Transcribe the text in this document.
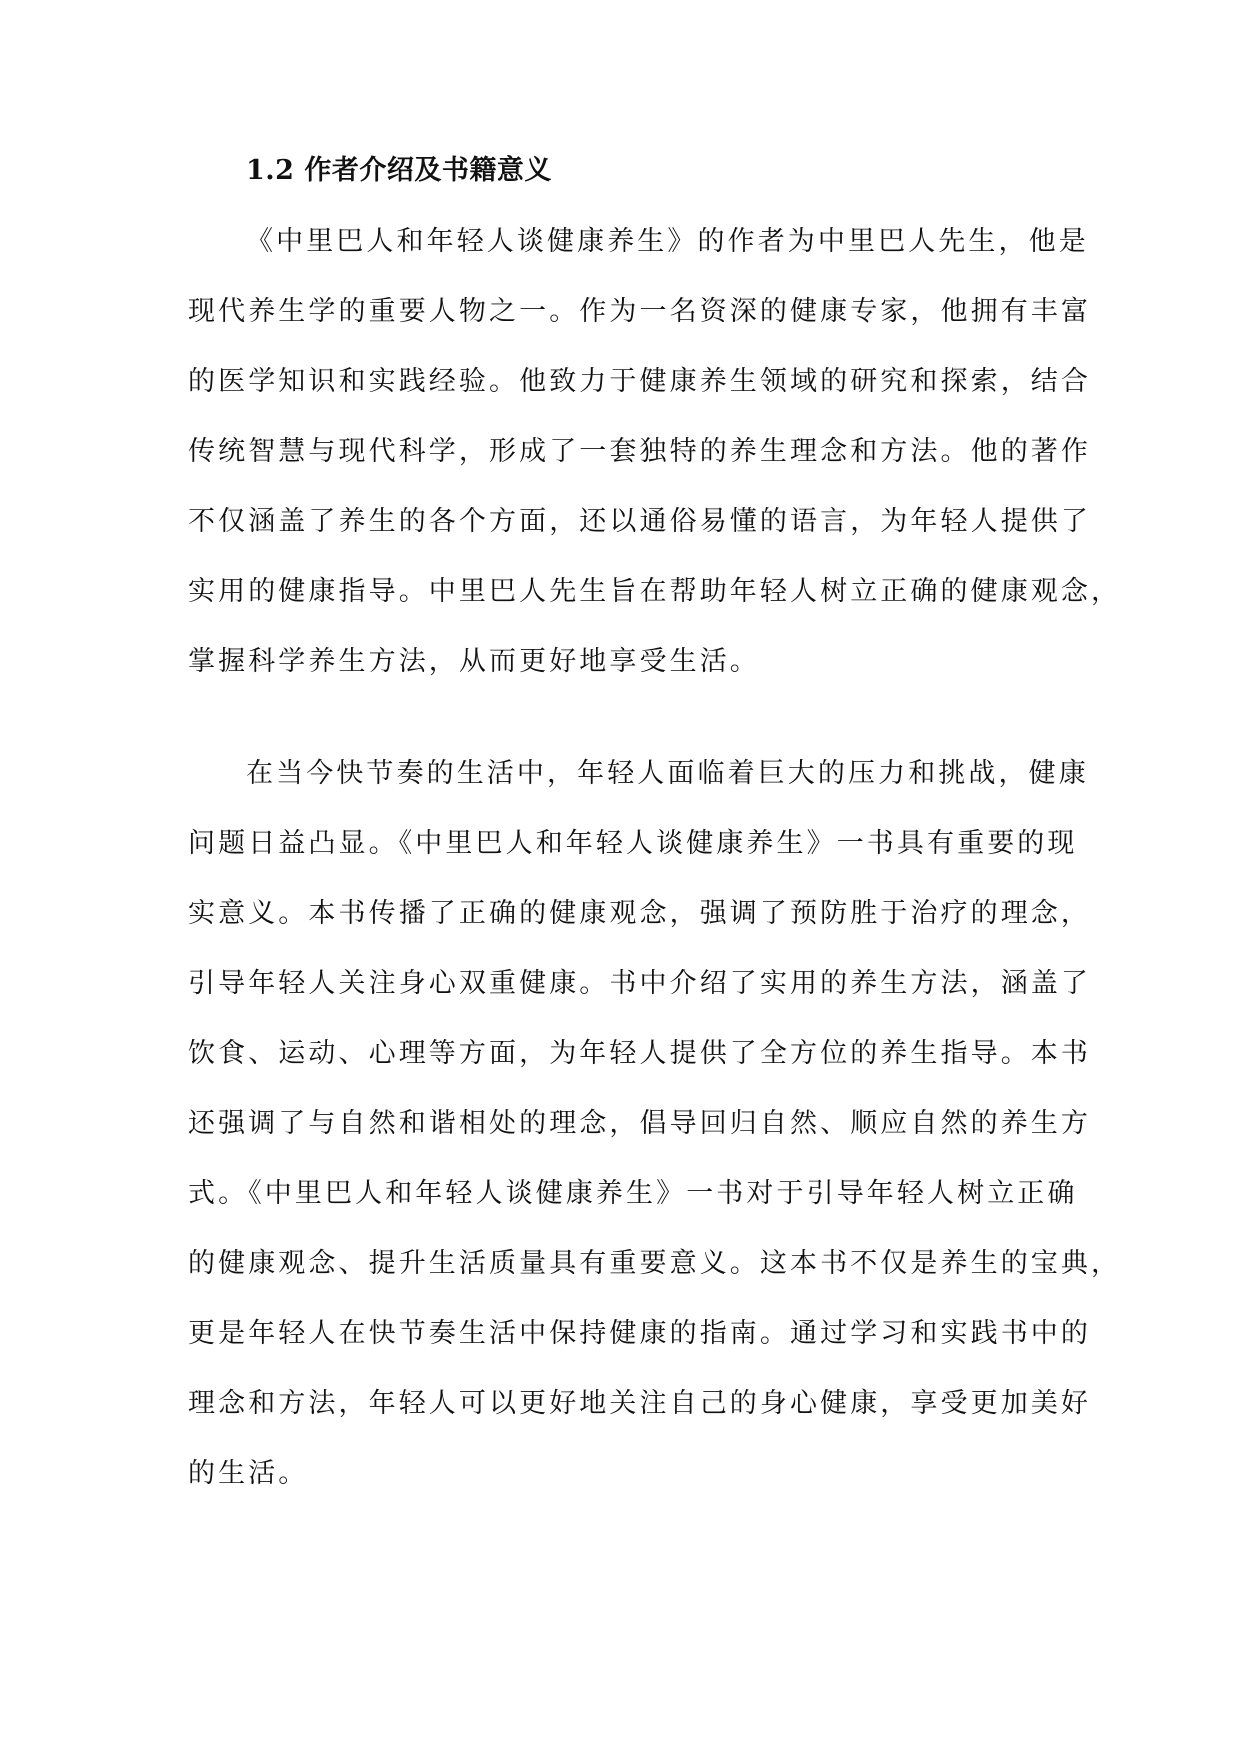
1.2 作者介绍及书籍意义

《中里巴人和年轻人谈健康养生》的作者为中里巴人先生，他是

现代养生学的重要人物之一。作为一名资深的健康专家，他拥有丰富

的医学知识和实践经验。他致力于健康养生领域的研究和探索，结合

传统智慧与现代科学，形成了一套独特的养生理念和方法。他的著作

不仅涵盖了养生的各个方面，还以通俗易懂的语言，为年轻人提供了

实用的健康指导。中里巴人先生旨在帮助年轻人树立正确的健康观念，

掌握科学养生方法，从而更好地享受生活。

在当今快节奏的生活中，年轻人面临着巨大的压力和挑战，健康

问题日益凸显。《中里巴人和年轻人谈健康养生》一书具有重要的现

实意义。本书传播了正确的健康观念，强调了预防胜于治疗的理念，

引导年轻人关注身心双重健康。书中介绍了实用的养生方法，涵盖了

饮食、运动、心理等方面，为年轻人提供了全方位的养生指导。本书

还强调了与自然和谐相处的理念，倡导回归自然、顺应自然的养生方

式。《中里巴人和年轻人谈健康养生》一书对于引导年轻人树立正确

的健康观念、提升生活质量具有重要意义。这本书不仅是养生的宝典，

更是年轻人在快节奏生活中保持健康的指南。通过学习和实践书中的

理念和方法，年轻人可以更好地关注自己的身心健康，享受更加美好

的生活。
